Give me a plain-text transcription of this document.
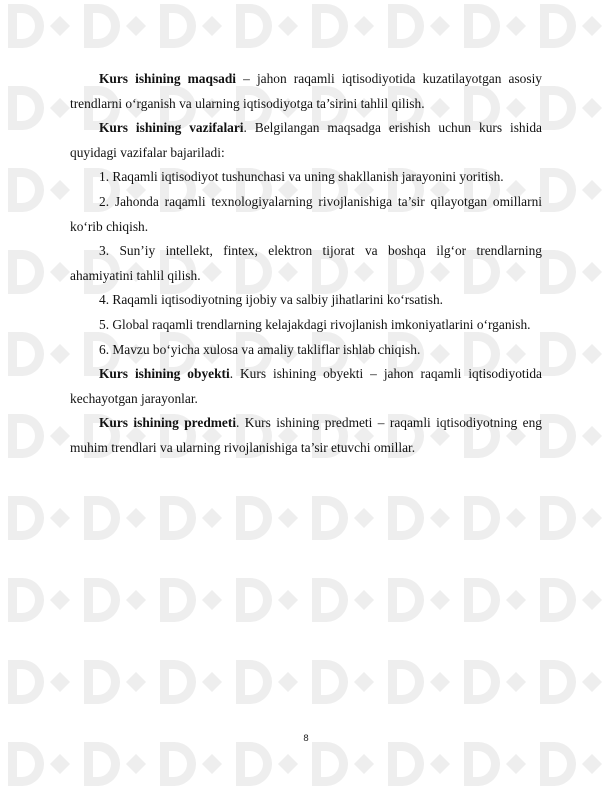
Kurs ishining maqsadi – jahon raqamli iqtisodiyotida kuzatilayotgan asosiy trendlarni o‘rganish va ularning iqtisodiyotga ta’sirini tahlil qilish.

Kurs ishining vazifalari. Belgilangan maqsadga erishish uchun kurs ishida quyidagi vazifalar bajariladi:

1. Raqamli iqtisodiyot tushunchasi va uning shakllanish jarayonini yoritish.

2. Jahonda raqamli texnologiyalarning rivojlanishiga ta’sir qilayotgan omillarni ko‘rib chiqish.

3. Sun’iy intellekt, fintex, elektron tijorat va boshqa ilg‘or trendlarning ahamiyatini tahlil qilish.

4. Raqamli iqtisodiyotning ijobiy va salbiy jihatlarini ko‘rsatish.

5. Global raqamli trendlarning kelajakdagi rivojlanish imkoniyatlarini o‘rganish.

6. Mavzu bo‘yicha xulosa va amaliy takliflar ishlab chiqish.

Kurs ishining obyekti. Kurs ishining obyekti – jahon raqamli iqtisodiyotida kechayotgan jarayonlar.

Kurs ishining predmeti. Kurs ishining predmeti – raqamli iqtisodiyotning eng muhim trendlari va ularning rivojlanishiga ta’sir etuvchi omillar.

8
